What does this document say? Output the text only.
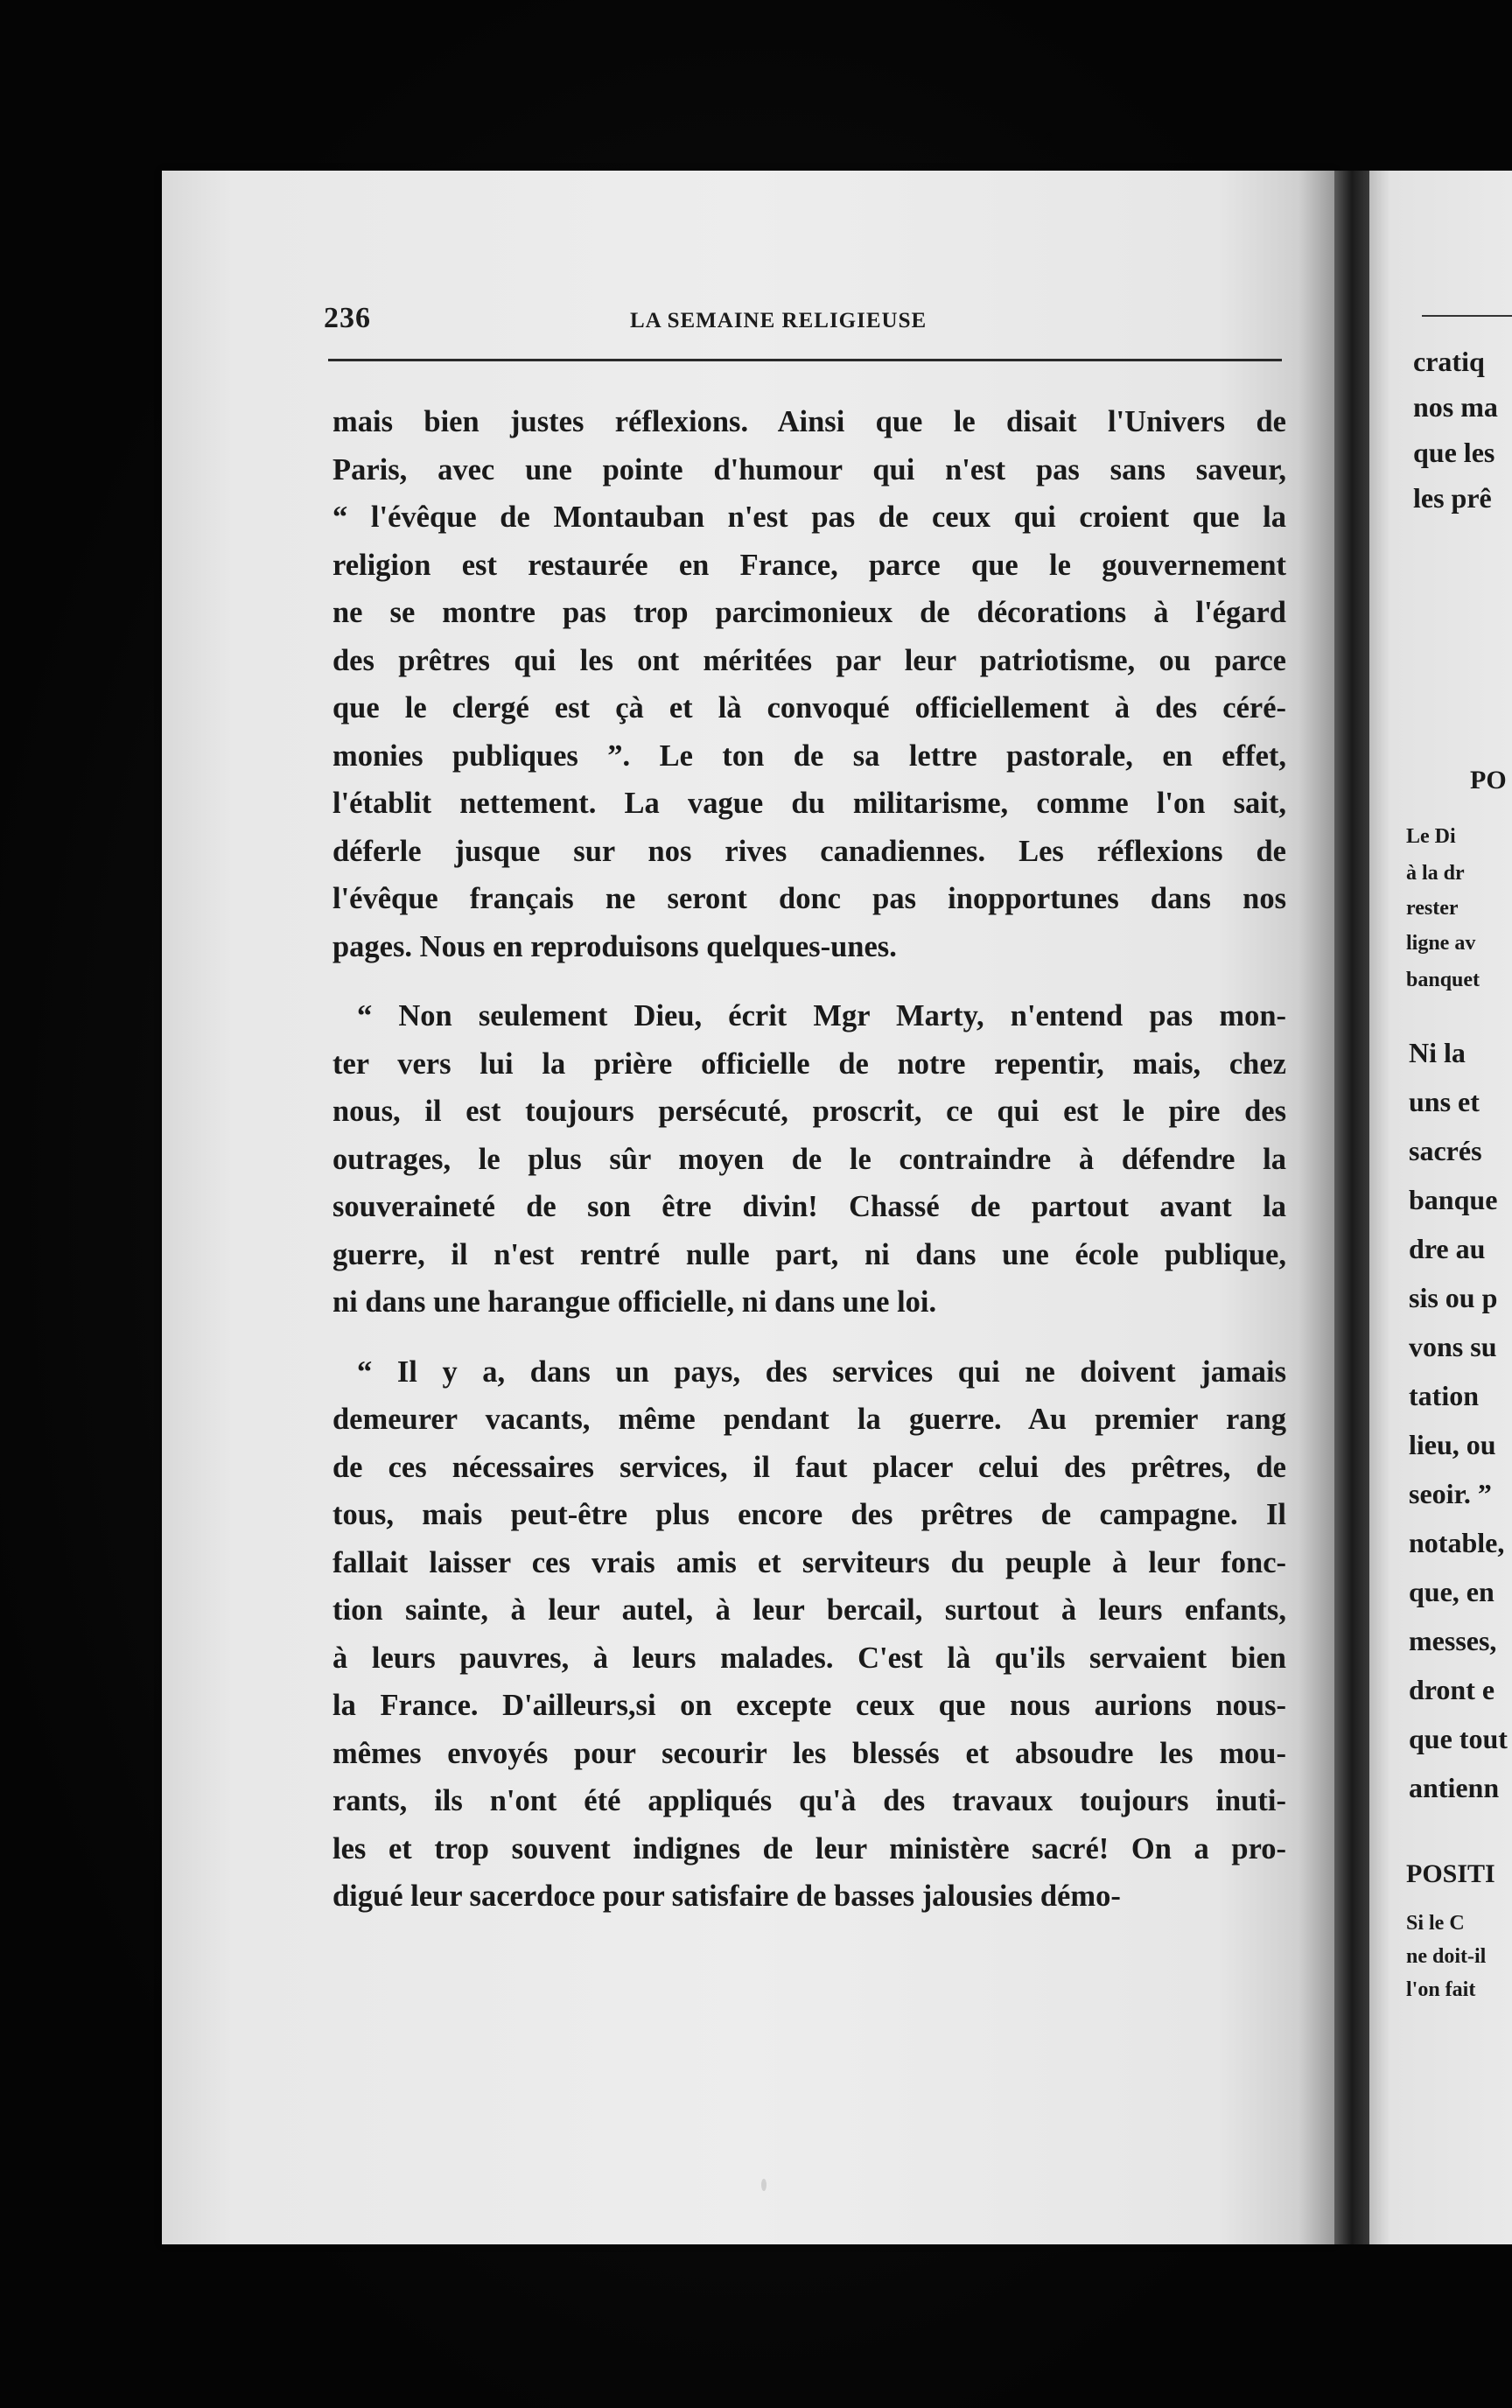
236	LA SEMAINE RELIGIEUSE
mais bien justes réflexions. Ainsi que le disait l'Univers de
Paris, avec une pointe d'humour qui n'est pas sans saveur,
“ l'évêque de Montauban n'est pas de ceux qui croient que la
religion est restaurée en France, parce que le gouvernement
ne se montre pas trop parcimonieux de décorations à l'égard
des prêtres qui les ont méritées par leur patriotisme, ou parce
que le clergé est çà et là convoqué officiellement à des céré-
monies publiques ”. Le ton de sa lettre pastorale, en effet,
l'établit nettement. La vague du militarisme, comme l'on sait,
déferle jusque sur nos rives canadiennes. Les réflexions de
l'évêque français ne seront donc pas inopportunes dans nos
pages. Nous en reproduisons quelques-unes.
“ Non seulement Dieu, écrit Mgr Marty, n'entend pas mon-
ter vers lui la prière officielle de notre repentir, mais, chez
nous, il est toujours persécuté, proscrit, ce qui est le pire des
outrages, le plus sûr moyen de le contraindre à défendre la
souveraineté de son être divin! Chassé de partout avant la
guerre, il n'est rentré nulle part, ni dans une école publique,
ni dans une harangue officielle, ni dans une loi.
“ Il y a, dans un pays, des services qui ne doivent jamais
demeurer vacants, même pendant la guerre. Au premier rang
de ces nécessaires services, il faut placer celui des prêtres, de
tous, mais peut-être plus encore des prêtres de campagne. Il
fallait laisser ces vrais amis et serviteurs du peuple à leur fonc-
tion sainte, à leur autel, à leur bercail, surtout à leurs enfants,
à leurs pauvres, à leurs malades. C'est là qu'ils servaient bien
la France. D'ailleurs,si on excepte ceux que nous aurions nous-
mêmes envoyés pour secourir les blessés et absoudre les mou-
rants, ils n'ont été appliqués qu'à des travaux toujours inuti-
les et trop souvent indignes de leur ministère sacré! On a pro-
digué leur sacerdoce pour satisfaire de basses jalousies démo-
cratiq
nos ma
que les
les prê
PO
Le Di
à la dr
rester
ligne av
banquet
Ni la
uns et
sacrés
banque
dre au
sis ou p
vons su
tation
lieu, ou
seoir. ”
notable,
que, en
messes,
dront e
que tout
antienn
POSITI
Si le C
ne doit-il
l'on fait
